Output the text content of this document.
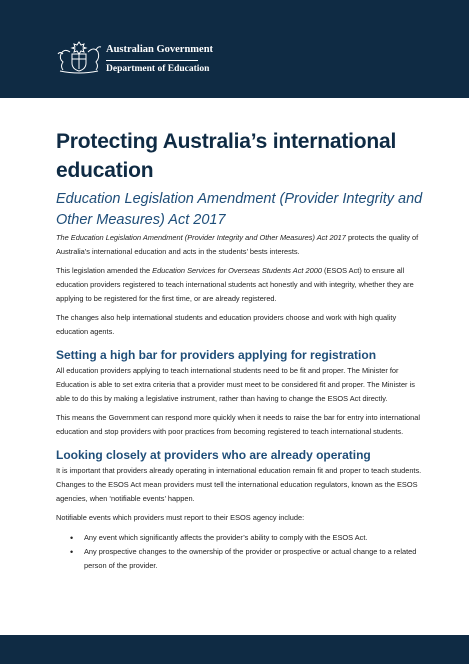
Australian Government
Department of Education
Protecting Australia’s international education
Education Legislation Amendment (Provider Integrity and Other Measures) Act 2017

The Education Legislation Amendment (Provider Integrity and Other Measures) Act 2017 protects the quality of Australia’s international education and acts in the students’ bests interests.

This legislation amended the Education Services for Overseas Students Act 2000 (ESOS Act) to ensure all education providers registered to teach international students act honestly and with integrity, whether they are applying to be registered for the first time, or are already registered.

The changes also help international students and education providers choose and work with high quality education agents.

Setting a high bar for providers applying for registration

All education providers applying to teach international students need to be fit and proper. The Minister for Education is able to set extra criteria that a provider must meet to be considered fit and proper. The Minister is able to do this by making a legislative instrument, rather than having to change the ESOS Act directly.

This means the Government can respond more quickly when it needs to raise the bar for entry into international education and stop providers with poor practices from becoming registered to teach international students.

Looking closely at providers who are already operating

It is important that providers already operating in international education remain fit and proper to teach students. Changes to the ESOS Act mean providers must tell the international education regulators, known as the ESOS agencies, when ‘notifiable events’ happen.

Notifiable events which providers must report to their ESOS agency include:

• Any event which significantly affects the provider’s ability to comply with the ESOS Act.
• Any prospective changes to the ownership of the provider or prospective or actual change to a related person of the provider.
